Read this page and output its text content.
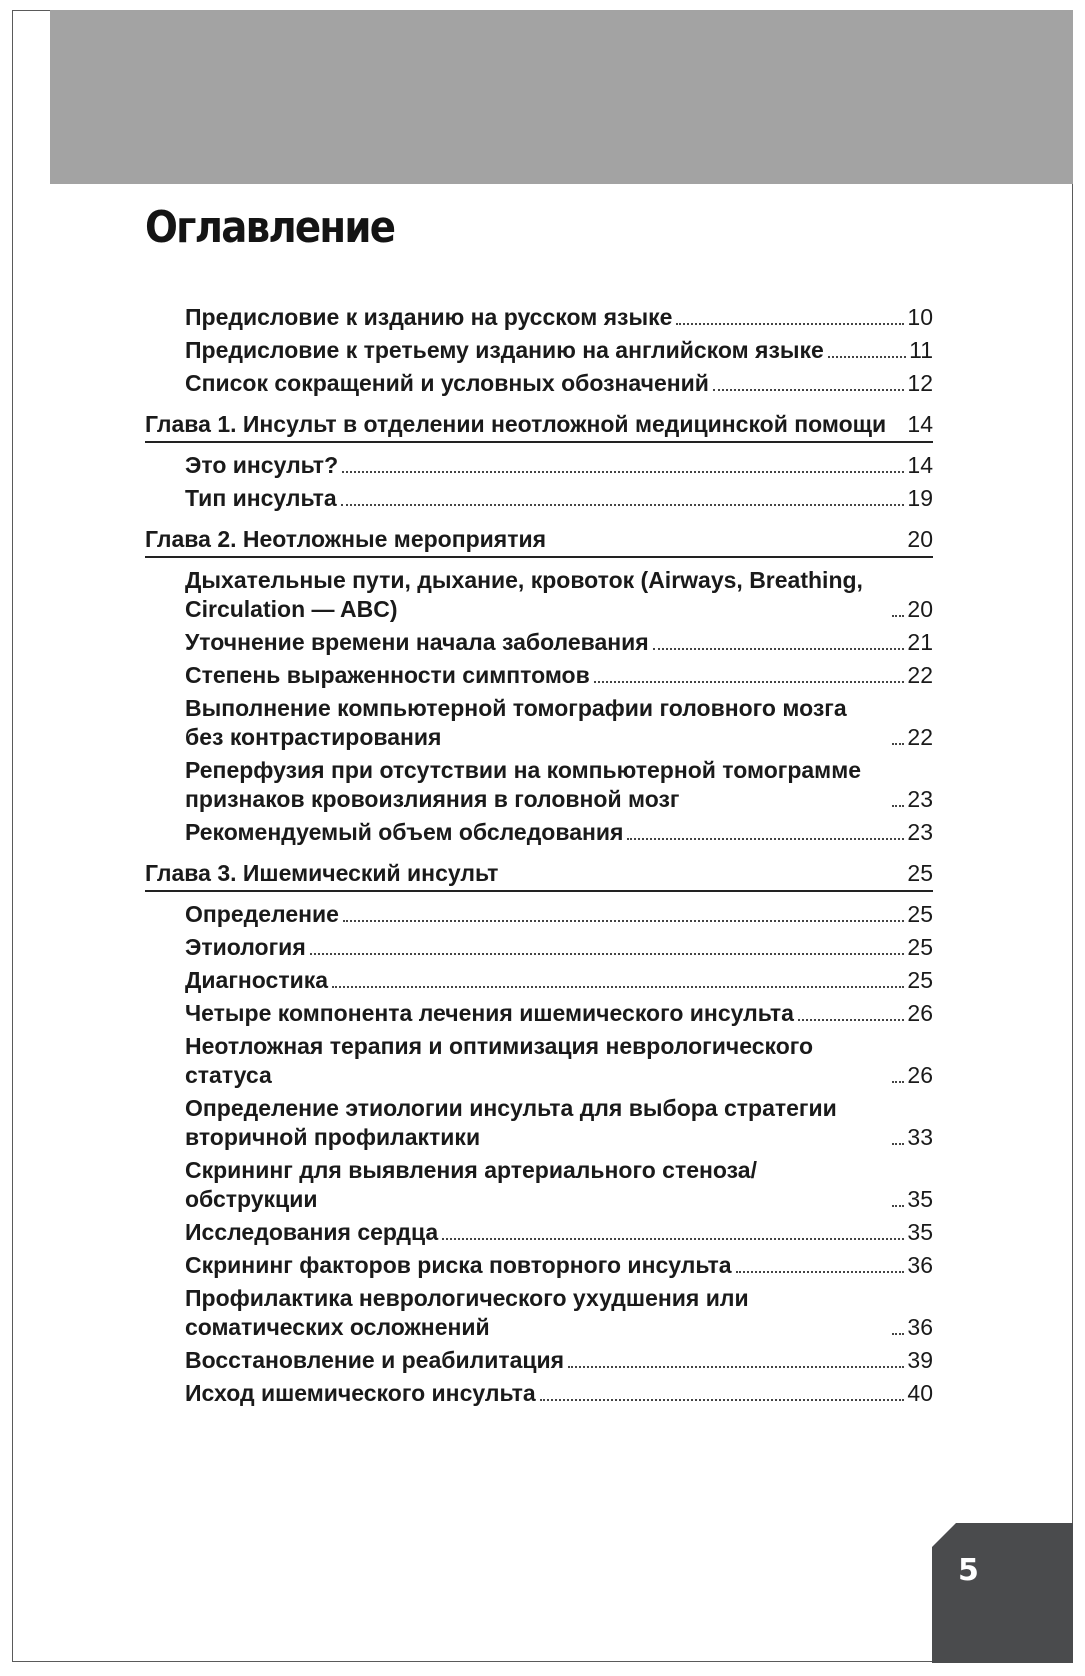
Оглавление
Предисловие к изданию на русском языке	10
Предисловие к третьему изданию на английском языке	11
Список сокращений и условных обозначений	12
Глава 1. Инсульт в отделении неотложной медицинской помощи 14
Это инсульт?	14
Тип инсульта	19
Глава 2. Неотложные мероприятия	20
Дыхательные пути, дыхание, кровоток (Airways, Breathing, Circulation — ABC)	20
Уточнение времени начала заболевания	21
Степень выраженности симптомов	22
Выполнение компьютерной томографии головного мозга без контрастирования	22
Реперфузия при отсутствии на компьютерной томограмме признаков кровоизлияния в головной мозг	23
Рекомендуемый объем обследования	23
Глава 3. Ишемический инсульт	25
Определение	25
Этиология	25
Диагностика	25
Четыре компонента лечения ишемического инсульта	26
Неотложная терапия и оптимизация неврологического статуса	26
Определение этиологии инсульта для выбора стратегии вторичной профилактики	33
Скрининг для выявления артериального стеноза/обструкции	35
Исследования сердца	35
Скрининг факторов риска повторного инсульта	36
Профилактика неврологического ухудшения или соматических осложнений	36
Восстановление и реабилитация	39
Исход ишемического инсульта	40
5
